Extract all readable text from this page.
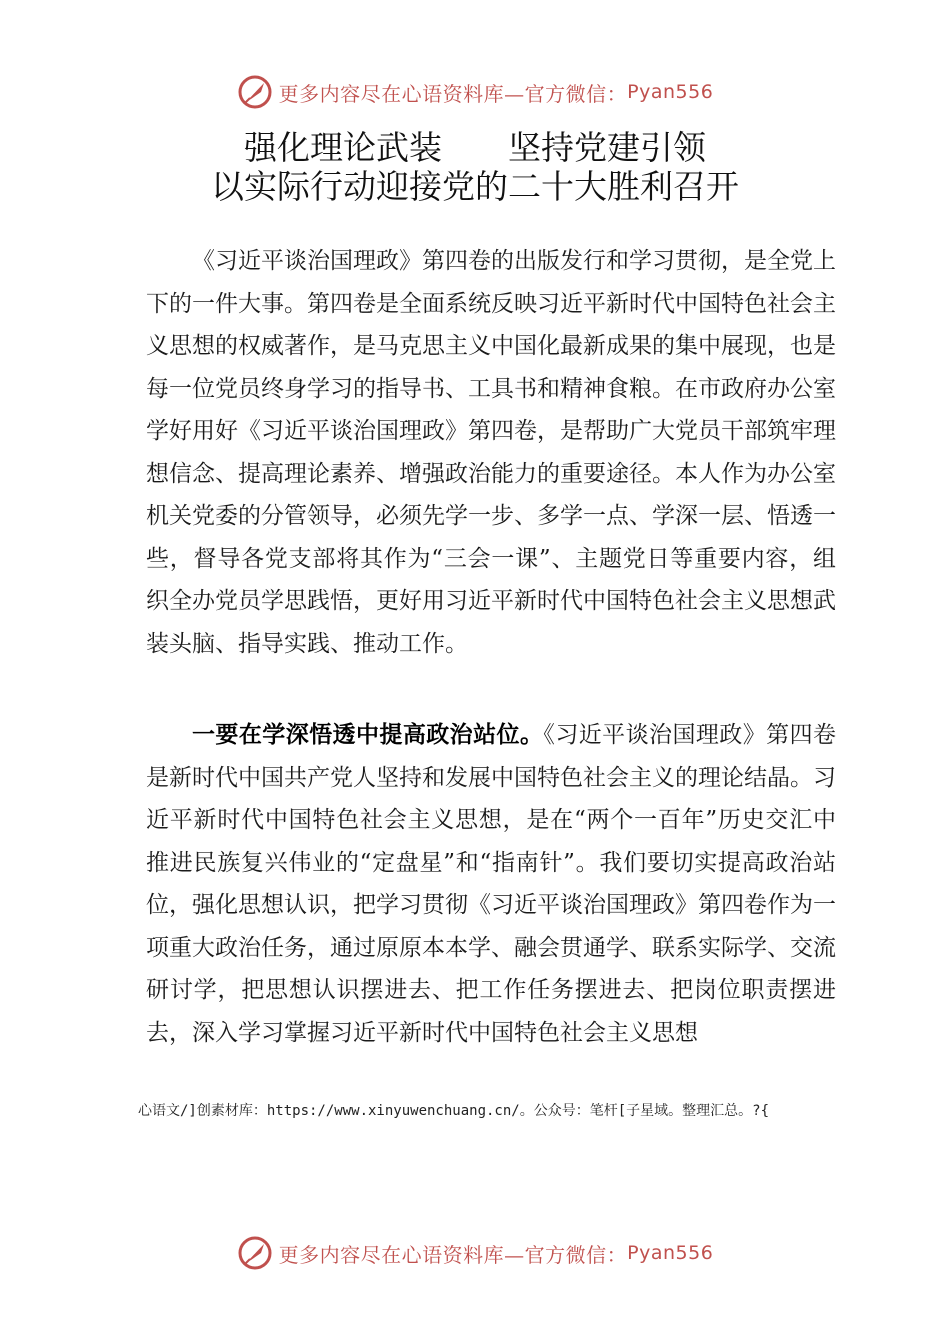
更多内容尽在心语资料库—官方微信： Pyan556
强化理论武装　　坚持党建引领
以实际行动迎接党的二十大胜利召开
《习近平谈治国理政》第四卷的出版发行和学习贯彻，是全党上下的一件大事。第四卷是全面系统反映习近平新时代中国特色社会主义思想的权威著作，是马克思主义中国化最新成果的集中展现，也是每一位党员终身学习的指导书、工具书和精神食粮。在市政府办公室学好用好《习近平谈治国理政》第四卷，是帮助广大党员干部筑牢理想信念、提高理论素养、增强政治能力的重要途径。本人作为办公室机关党委的分管领导，必须先学一步、多学一点、学深一层、悟透一些，督导各党支部将其作为“三会一课”、主题党日等重要内容，组织全办党员学思践悟，更好用习近平新时代中国特色社会主义思想武装头脑、指导实践、推动工作。
一要在学深悟透中提高政治站位。《习近平谈治国理政》第四卷是新时代中国共产党人坚持和发展中国特色社会主义的理论结晶。习近平新时代中国特色社会主义思想，是在“两个一百年”历史交汇中推进民族复兴伟业的“定盘星”和“指南针”。我们要切实提高政治站位，强化思想认识，把学习贯彻《习近平谈治国理政》第四卷作为一项重大政治任务，通过原原本本学、融会贯通学、联系实际学、交流研讨学，把思想认识摆进去、把工作任务摆进去、把岗位职责摆进去，深入学习掌握习近平新时代中国特色社会主义思想
心语文/]创素材库：https://www.xinyuwenchuang.cn/。公众号：笔杆[子星域。整理汇总。?{
更多内容尽在心语资料库—官方微信： Pyan556
